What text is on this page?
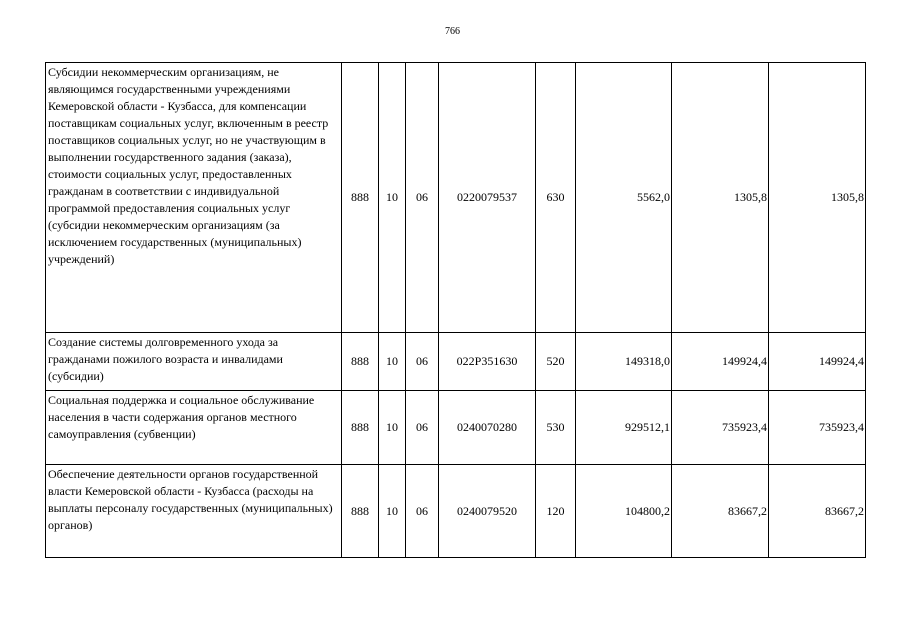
766
Субсидии некоммерческим организациям, не являющимся государственными учреждениями Кемеровской области - Кузбасса, для компенсации поставщикам социальных услуг, включенным в реестр поставщиков социальных услуг, но не участвующим в выполнении государственного задания (заказа), стоимости социальных услуг, предоставленных гражданам в соответствии с индивидуальной программой предоставления социальных услуг (субсидии некоммерческим организациям (за исключением государственных (муниципальных) учреждений)	888	10	06	0220079537	630	5562,0	1305,8	1305,8
Создание системы долговременного ухода за гражданами пожилого возраста и инвалидами (субсидии)	888	10	06	022P351630	520	149318,0	149924,4	149924,4
Социальная поддержка и социальное обслуживание населения в части содержания органов местного самоуправления (субвенции)	888	10	06	0240070280	530	929512,1	735923,4	735923,4
Обеспечение деятельности органов государственной власти Кемеровской области - Кузбасса (расходы на выплаты персоналу государственных (муниципальных) органов)	888	10	06	0240079520	120	104800,2	83667,2	83667,2
